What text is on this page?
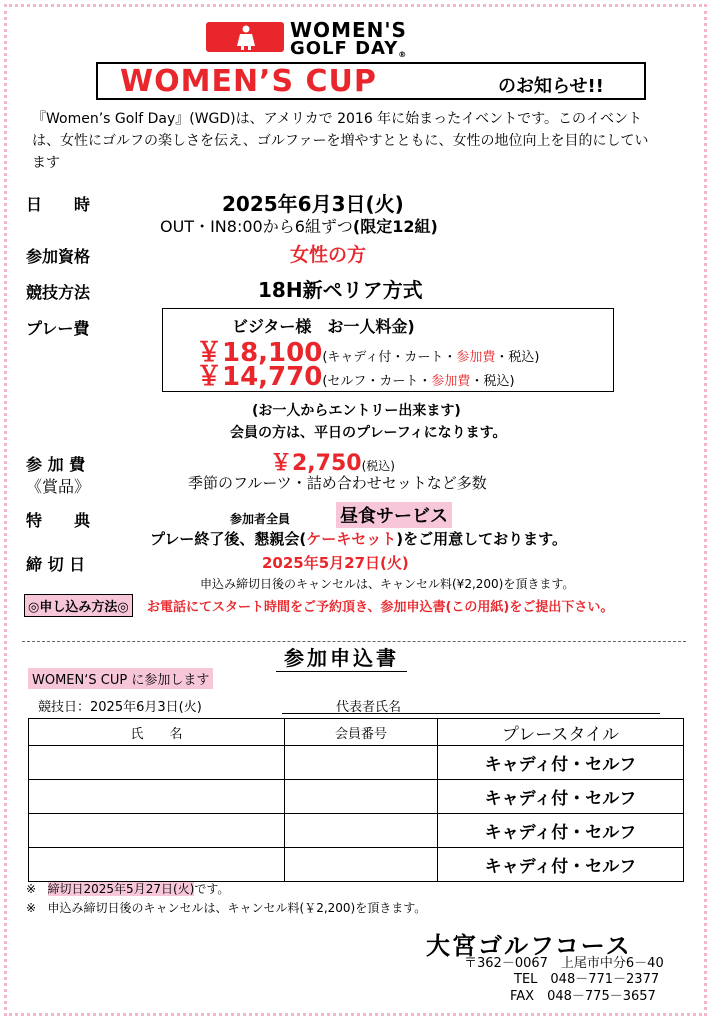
WOMEN'S
GOLF DAY®
WOMEN’S CUP	のお知らせ!!
『Women’s Golf Day』(WGD)は、アメリカで 2016 年に始まったイベントです。このイベントは、女性にゴルフの楽しさを伝え、ゴルファーを増やすとともに、女性の地位向上を目的にしています
日　　時	2025年6月3日(火)
OUT・IN8:00から6組ずつ(限定12組)
参加資格	女性の方
競技方法	18H新ペリア方式
プレー費	ビジター様　お一人料金)
￥18,100(キャディ付・カート・参加費・税込)
￥14,770(セルフ・カート・参加費・税込)
(お一人からエントリー出来ます)
会員の方は、平日のプレーフィになります。
参 加 費	￥2,750(税込)
《賞品》	季節のフルーツ・詰め合わせセットなど多数
特　　典	参加者全員	昼食サービス
プレー終了後、懇親会(ケーキセット)をご用意しております。
締 切 日	2025年5月27日(火)
申込み締切日後のキャンセルは、キャンセル料(¥2,200)を頂きます。
◎申し込み方法◎	お電話にてスタート時間をご予約頂き、参加申込書(この用紙)をご提出下さい。
参加申込書
WOMEN‘S CUP に参加します
競技日：2025年6月3日(火)	代表者氏名
氏　　名	会員番号	プレースタイル
		キャディ付・セルフ
		キャディ付・セルフ
		キャディ付・セルフ
		キャディ付・セルフ
※ 締切日2025年5月27日(火)です。
※ 申込み締切日後のキャンセルは、キャンセル料(￥2,200)を頂きます。
大宮ゴルフコース
〒362－0067　上尾市中分6－40
TEL　048－771－2377
FAX　048－775－3657
